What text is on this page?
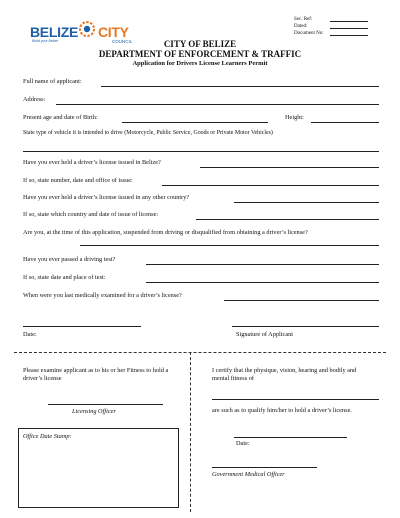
BELIZE CITY
COUNCIL
Build your Belize
Sec. Ref:
Dated:
Document No:
CITY OF BELIZE
DEPARTMENT OF ENFORCEMENT & TRAFFIC
Application for Drivers License Learners Permit
Full name of applicant:
Address:
Present age and date of Birth:	Height:
State type of vehicle it is intended to drive (Motorcycle, Public Service, Goods or Private Motor Vehicles)
Have you ever held a driver’s license issued in Belize?
If so, state number, date and office of issue:
Have you ever held a driver’s license issued in any other country?
If so, state which country and date of issue of license:
Are you, at the time of this application, suspended from driving or disqualified from obtaining a driver’s license?
Have you ever passed a driving test?
If so, state date and place of test:
When were you last medically examined for a driver’s license?
Date:	Signature of Applicant
Please examine applicant as to his or her Fitness to hold a driver’s license
Licensing Officer
Office Date Stamp:
I certify that the physique, vision, hearing and bodily and mental fitness of
are such as to qualify him/her to hold a driver’s license.
Date:
Government Medical Officer
